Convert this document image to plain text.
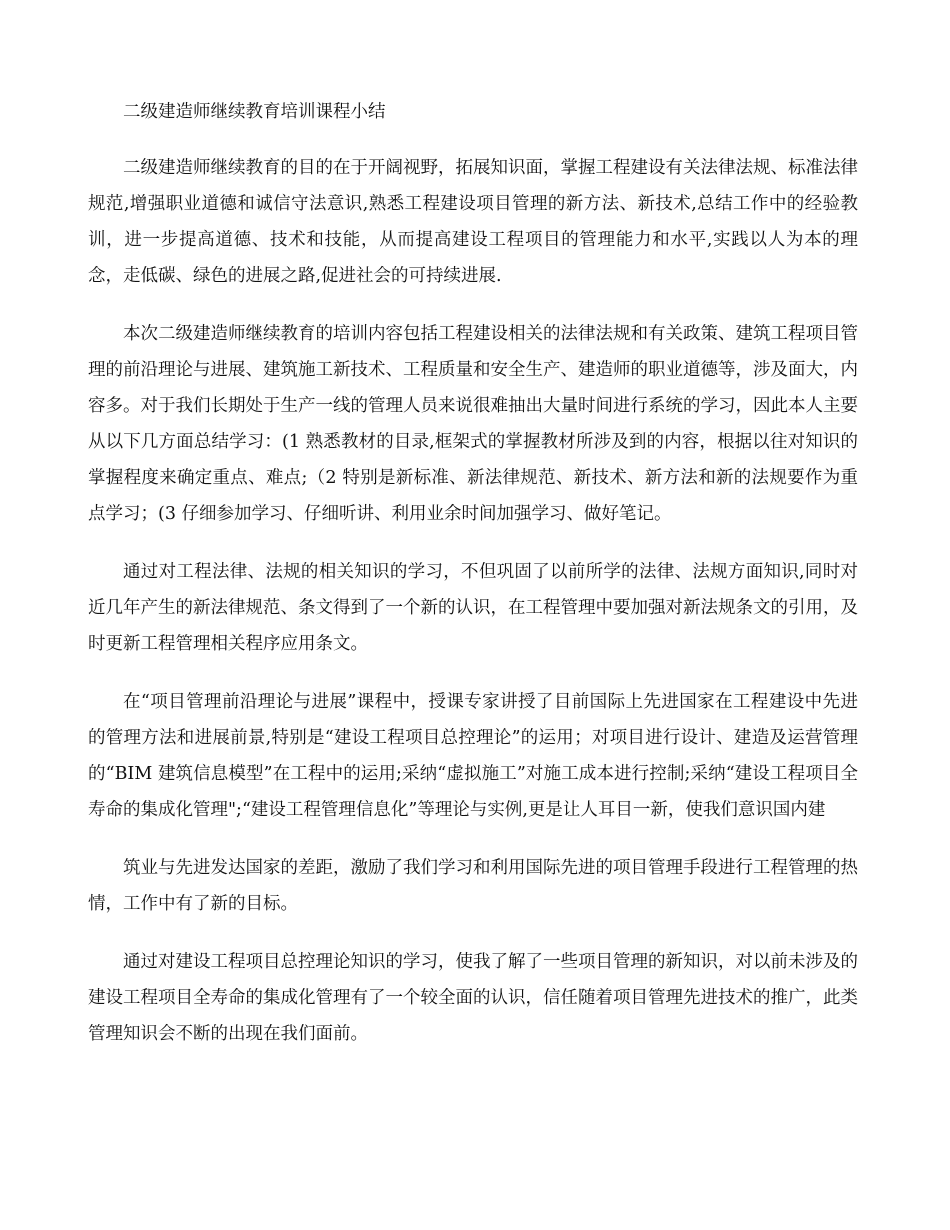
二级建造师继续教育培训课程小结

二级建造师继续教育的目的在于开阔视野，拓展知识面，掌握工程建设有关法律法规、标准法律规范,增强职业道德和诚信守法意识,熟悉工程建设项目管理的新方法、新技术,总结工作中的经验教训，进一步提高道德、技术和技能，从而提高建设工程项目的管理能力和水平,实践以人为本的理念，走低碳、绿色的进展之路,促进社会的可持续进展.

本次二级建造师继续教育的培训内容包括工程建设相关的法律法规和有关政策、建筑工程项目管理的前沿理论与进展、建筑施工新技术、工程质量和安全生产、建造师的职业道德等，涉及面大，内容多。对于我们长期处于生产一线的管理人员来说很难抽出大量时间进行系统的学习，因此本人主要从以下几方面总结学习：(1 熟悉教材的目录,框架式的掌握教材所涉及到的内容，根据以往对知识的掌握程度来确定重点、难点;（2 特别是新标准、新法律规范、新技术、新方法和新的法规要作为重点学习；(3 仔细参加学习、仔细听讲、利用业余时间加强学习、做好笔记。

通过对工程法律、法规的相关知识的学习，不但巩固了以前所学的法律、法规方面知识,同时对近几年产生的新法律规范、条文得到了一个新的认识，在工程管理中要加强对新法规条文的引用，及时更新工程管理相关程序应用条文。

在“项目管理前沿理论与进展”课程中，授课专家讲授了目前国际上先进国家在工程建设中先进的管理方法和进展前景,特别是“建设工程项目总控理论”的运用；对项目进行设计、建造及运营管理的“BIM 建筑信息模型”在工程中的运用;采纳“虚拟施工”对施工成本进行控制;采纳“建设工程项目全寿命的集成化管理";“建设工程管理信息化”等理论与实例,更是让人耳目一新，使我们意识国内建

筑业与先进发达国家的差距，激励了我们学习和利用国际先进的项目管理手段进行工程管理的热情，工作中有了新的目标。

通过对建设工程项目总控理论知识的学习，使我了解了一些项目管理的新知识，对以前未涉及的建设工程项目全寿命的集成化管理有了一个较全面的认识，信任随着项目管理先进技术的推广，此类管理知识会不断的出现在我们面前。
